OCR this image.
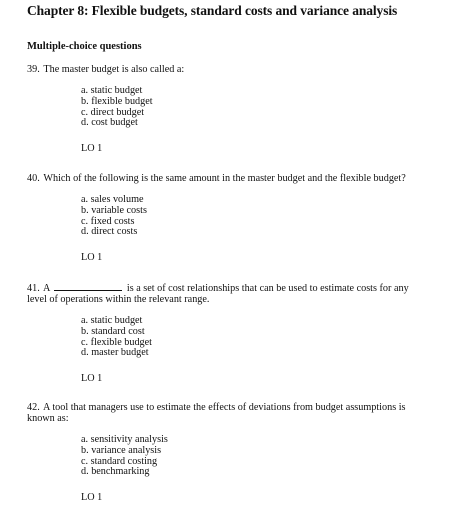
Chapter 8: Flexible budgets, standard costs and variance analysis
Multiple-choice questions

39. The master budget is also called a:

a. static budget
b. flexible budget
c. direct budget
d. cost budget
LO 1

40. Which of the following is the same amount in the master budget and the flexible budget?

a. sales volume
b. variable costs
c. fixed costs
d. direct costs
LO 1

41. A	is a set of cost relationships that can be used to estimate costs for any
level of operations within the relevant range.

a. static budget
b. standard cost
c. flexible budget
d. master budget
LO 1

42. A tool that managers use to estimate the effects of deviations from budget assumptions is
known as:

a. sensitivity analysis
b. variance analysis
c. standard costing
d. benchmarking
LO 1
